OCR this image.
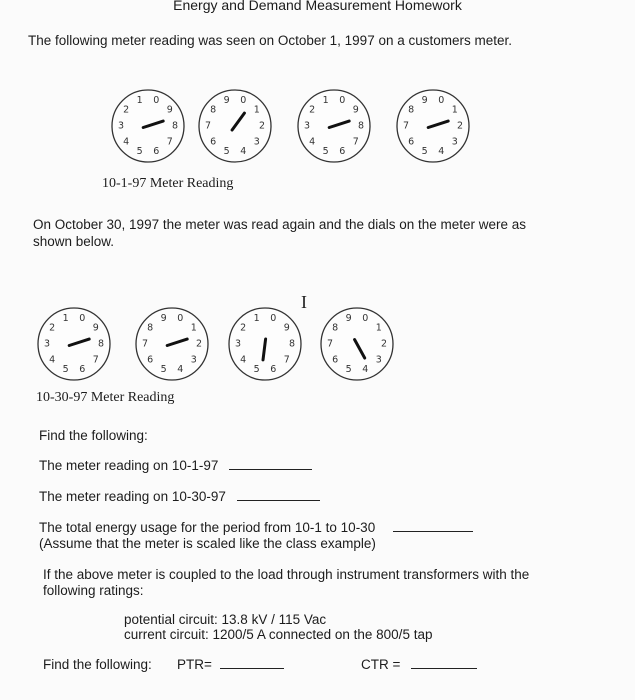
Energy and Demand Measurement Homework
The following meter reading was seen on October 1, 1997 on a customers meter.
1 0
9
8
7
6
5
4
3
2
9 0
1
2
3
4
5
6
7
8
1 0
9
8
7
6
5
4
3
2
9 0
1
2
3
4
5
6
7
8
10-1-97 Meter Reading
On October 30, 1997 the meter was read again and the dials on the meter were as
shown below.
1 0
9
8
7
6
5
4
3
2
9 0
1
2
3
4
5
6
7
8
1 0
9
8
7
6
5
4
3
2
9 0
1
2
3
4
5
6
7
8
I
10-30-97 Meter Reading
Find the following:
The meter reading on 10-1-97
The meter reading on 10-30-97
The total energy usage for the period from 10-1 to 10-30
(Assume that the meter is scaled like the class example)
If the above meter is coupled to the load through instrument transformers with the
following ratings:
potential circuit: 13.8 kV / 115 Vac
current circuit: 1200/5 A connected on the 800/5 tap
Find the following: PTR=	CTR =
